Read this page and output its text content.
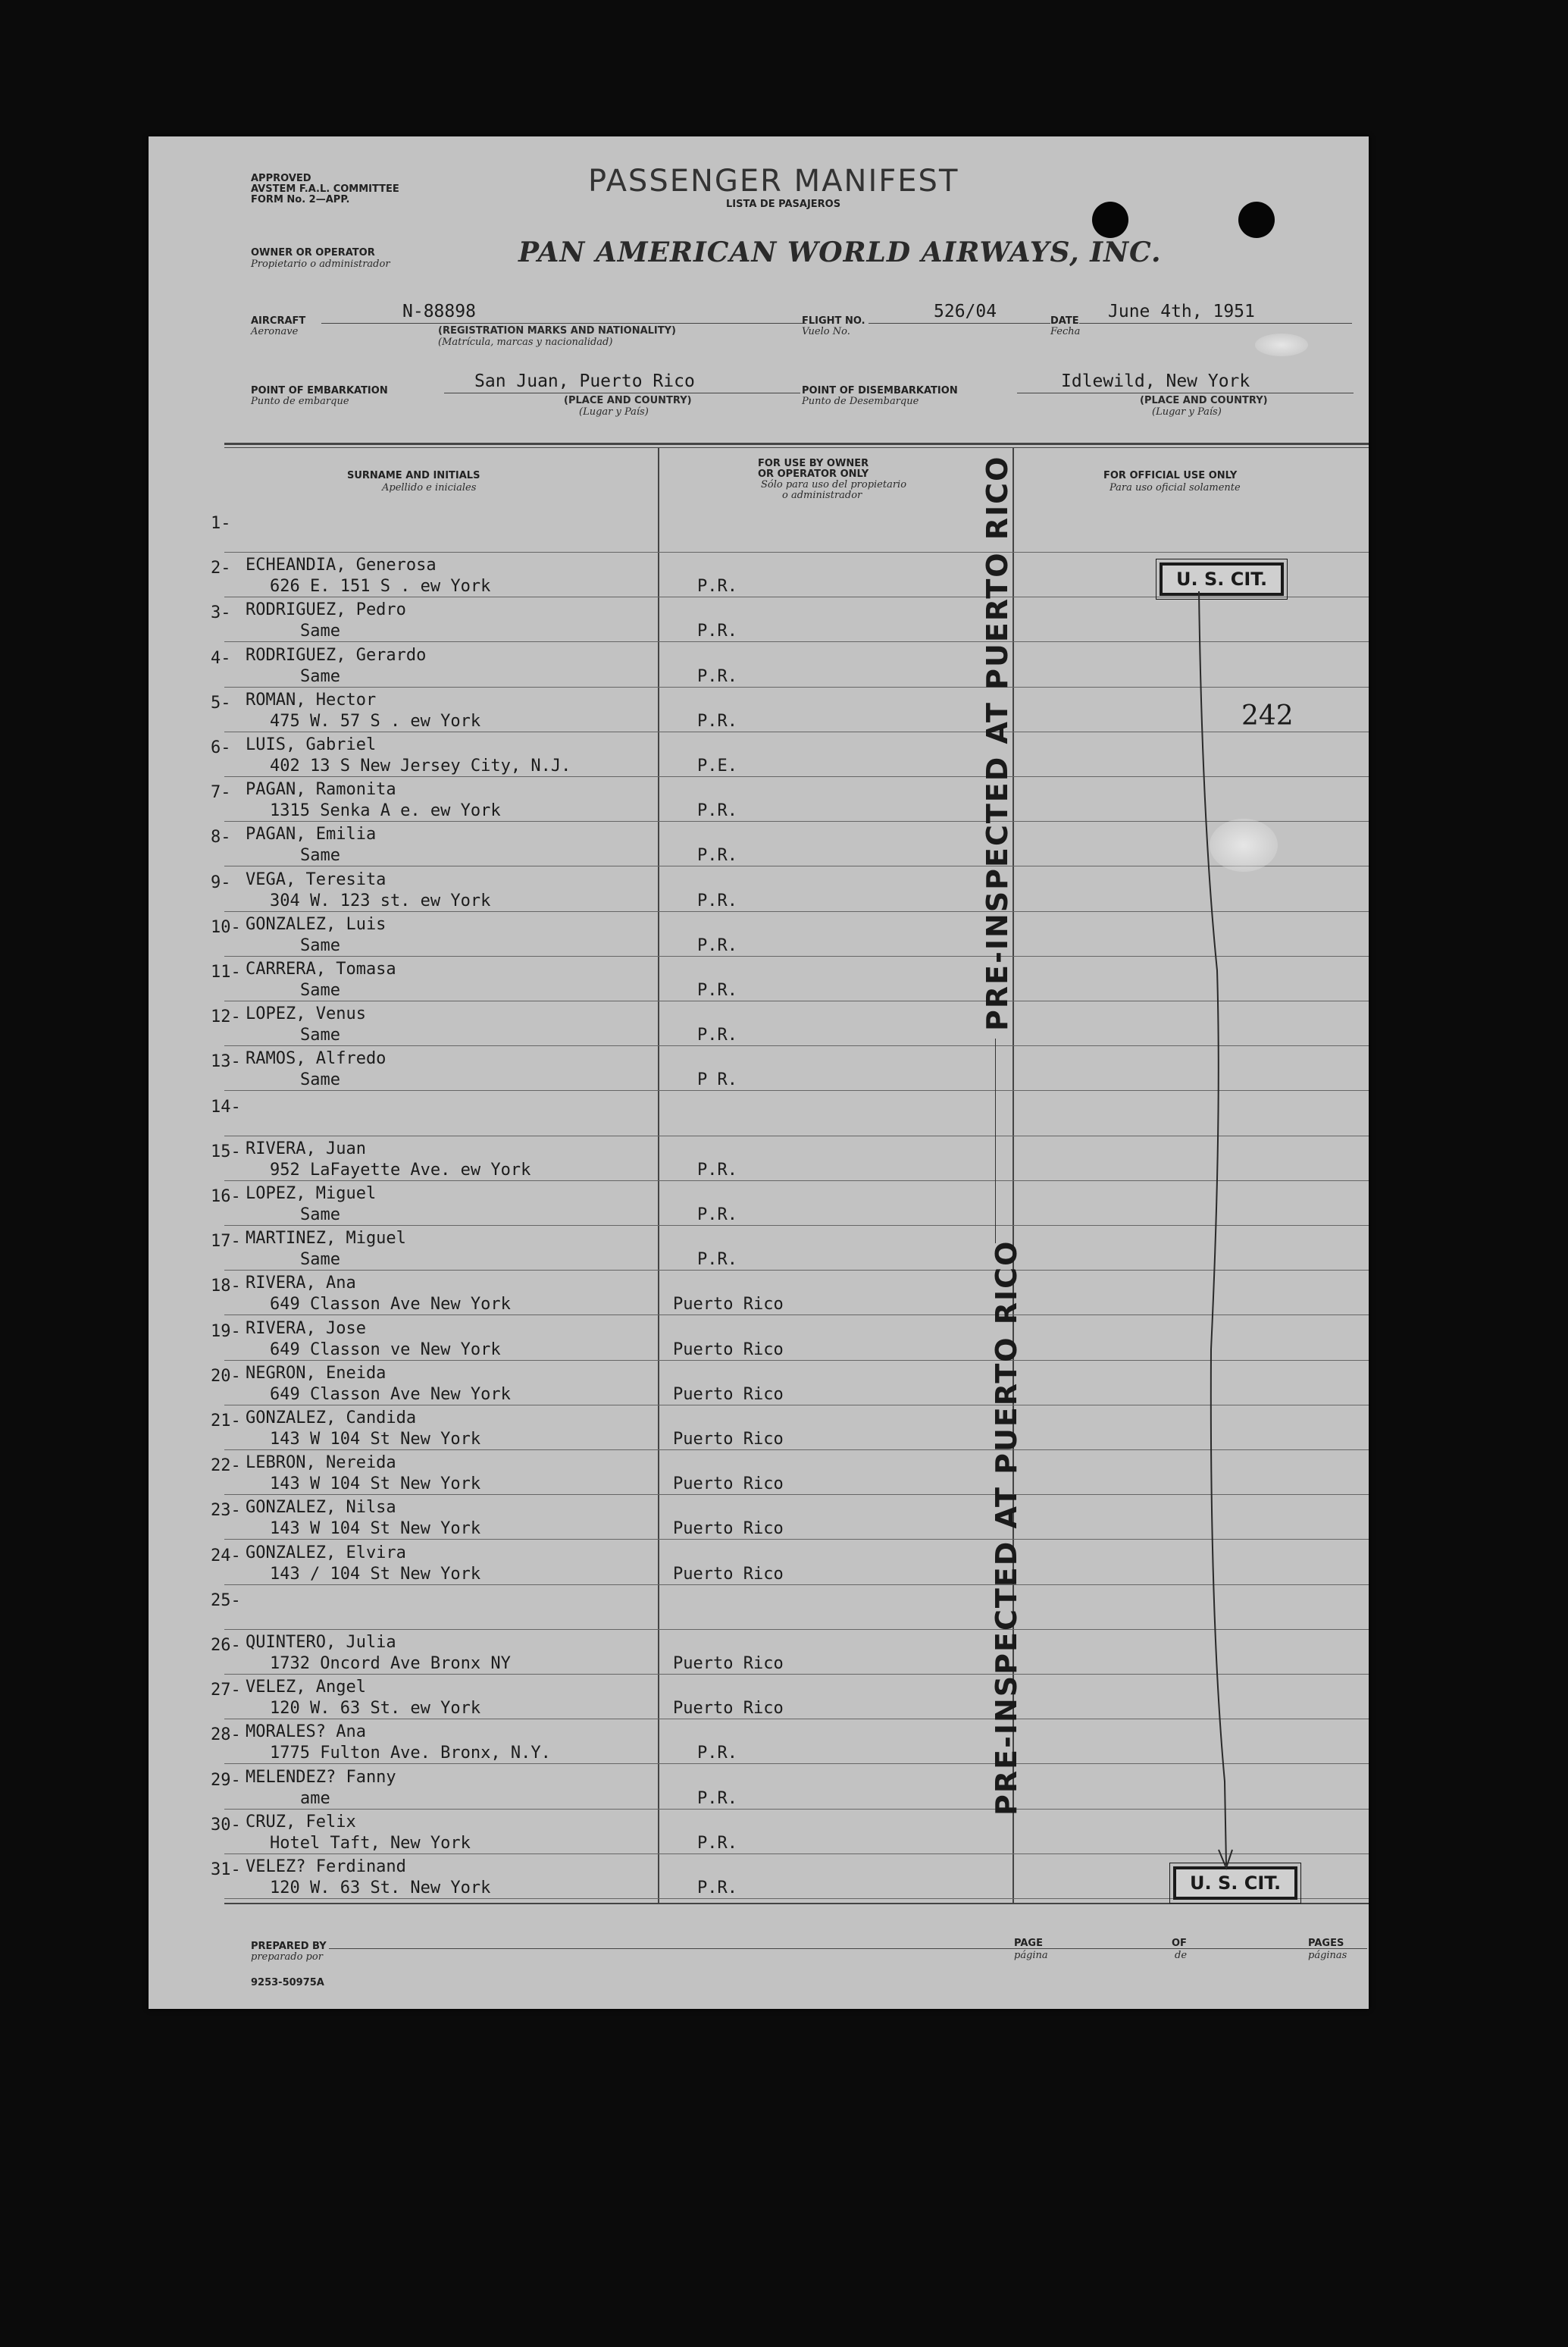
APPROVED
AVSTEM F.A.L. COMMITTEE
FORM No. 2—APP.
PASSENGER MANIFEST
LISTA DE PASAJEROS
OWNER OR OPERATOR
Propietario o administrador	PAN AMERICAN WORLD AIRWAYS, INC.
AIRCRAFT
Aeronave
N-88898
(REGISTRATION MARKS AND NATIONALITY)
(Matrícula, marcas y nacionalidad)
FLIGHT NO.
Vuelo No.
526/04	DATE
Fecha
June 4th, 1951
POINT OF EMBARKATION
Punto de embarque
San Juan, Puerto Rico
(PLACE AND COUNTRY)
(Lugar y País)
POINT OF DISEMBARKATION
Punto de Desembarque
Idlewild, New York
(PLACE AND COUNTRY)
(Lugar y País)
SURNAME AND INITIALS
Apellido e iniciales
FOR USE BY OWNER
OR OPERATOR ONLY
Sólo para uso del propietario
o administrador
FOR OFFICIAL USE ONLY
Para uso oficial solamente
1-
2- ECHEANDIA, Generosa
626 E. 151 S . ew York	P.R.
3- RODRIGUEZ, Pedro
Same	P.R.
4- RODRIGUEZ, Gerardo
Same	P.R.
5- ROMAN, Hector
475 W. 57 S . ew York	P.R.
6- LUIS, Gabriel
402 13 S New Jersey City, N.J.	P.E.
7- PAGAN, Ramonita
1315 Senka A e. ew York	P.R.
8- PAGAN, Emilia
Same	P.R.
9- VEGA, Teresita
304 W. 123 st. ew York	P.R.
10- GONZALEZ, Luis
Same	P.R.
11- CARRERA, Tomasa
Same	P.R.
12- LOPEZ, Venus
Same	P.R.
13- RAMOS, Alfredo
Same	P R.
14-
15- RIVERA, Juan
952 LaFayette Ave. ew York	P.R.
16- LOPEZ, Miguel
Same	P.R.
17- MARTINEZ, Miguel
Same	P.R.
18- RIVERA, Ana
649 Classon Ave New York	Puerto Rico
19- RIVERA, Jose
649 Classon ve New York	Puerto Rico
20- NEGRON, Eneida
649 Classon Ave New York	Puerto Rico
21- GONZALEZ, Candida
143 W 104 St New York	Puerto Rico
22- LEBRON, Nereida
143 W 104 St New York	Puerto Rico
23- GONZALEZ, Nilsa
143 W 104 St New York	Puerto Rico
24- GONZALEZ, Elvira
143 / 104 St New York	Puerto Rico
25-
26- QUINTERO, Julia
1732 Oncord Ave Bronx NY	Puerto Rico
27- VELEZ, Angel
120 W. 63 St. ew York	Puerto Rico
28- MORALES? Ana
1775 Fulton Ave. Bronx, N.Y.	P.R.
29- MELENDEZ? Fanny
ame	P.R.
30- CRUZ, Felix
Hotel Taft, New York	P.R.
31- VELEZ? Ferdinand
120 W. 63 St. New York	P.R.
PRE-INSPECTED AT PUERTO RICO
PRE-INSPECTED AT PUERTO RICO
U. S. CIT.
U. S. CIT.
242
PREPARED BY
preparado por
PAGE
página
OF
de
PAGES
páginas
9253-50975A
